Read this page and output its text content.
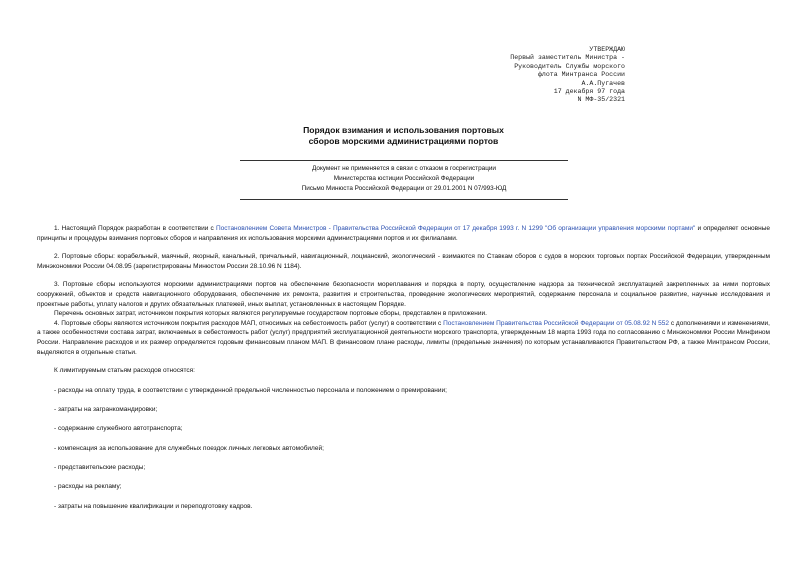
УТВЕРЖДАЮ
Первый заместитель Министра -
Руководитель Службы морского
флота Минтранса России
А.А.Пугачев
17 декабря 97 года
N МФ-35/2321
Порядок взимания и использования портовых
сборов морскими администрациями портов
Документ не применяется в связи с отказом в госрегистрации
Министерства юстиции Российской Федерации
Письмо Минюста Российской Федерации от 29.01.2001 N 07/993-ЮД

1. Настоящий Порядок разработан в соответствии с Постановлением Совета Министров - Правительства Российской Федерации от 17 декабря 1993 г. N 1299 "Об организации управления морскими портами" и определяет основные принципы и процедуры взимания портовых сборов и направления их использования морскими администрациями портов и их филиалами.

2. Портовые сборы: корабельный, маячный, якорный, канальный, причальный, навигационный, лоцманский, экологический - взимаются по Ставкам сборов с судов в морских торговых портах Российской Федерации, утвержденным Минэкономики России 04.08.95 (зарегистрированы Минюстом России 28.10.96 N 1184).

3. Портовые сборы используются морскими администрациями портов на обеспечение безопасности мореплавания и порядка в порту, осуществление надзора за технической эксплуатацией закрепленных за ними портовых сооружений, объектов и средств навигационного оборудования, обеспечение их ремонта, развития и строительства, проведение экологических мероприятий, содержание персонала и социальное развитие, научные исследования и проектные работы, уплату налогов и других обязательных платежей, иных выплат, установленных в настоящем Порядке.

Перечень основных затрат, источником покрытия которых являются регулируемые государством портовые сборы, представлен в приложении.

4. Портовые сборы являются источником покрытия расходов МАП, относимых на себестоимость работ (услуг) в соответствии с Постановлением Правительства Российской Федерации от 05.08.92 N 552 с дополнениями и изменениями, а также особенностями состава затрат, включаемых в себестоимость работ (услуг) предприятий эксплуатационной деятельности морского транспорта, утвержденным 18 марта 1993 года по согласованию с Минэкономики России Минфином России. Направление расходов и их размер определяется годовым финансовым планом МАП. В финансовом плане расходы, лимиты (предельные значения) по которым устанавливаются Правительством РФ, а также Минтрансом России, выделяются в отдельные статьи.

К лимитируемым статьям расходов относятся:

- расходы на оплату труда, в соответствии с утвержденной предельной численностью персонала и положением о премировании;

- затраты на загранкомандировки;

- содержание служебного автотранспорта;

- компенсация за использование для служебных поездок личных легковых автомобилей;

- представительские расходы;

- расходы на рекламу;

- затраты на повышение квалификации и переподготовку кадров.
